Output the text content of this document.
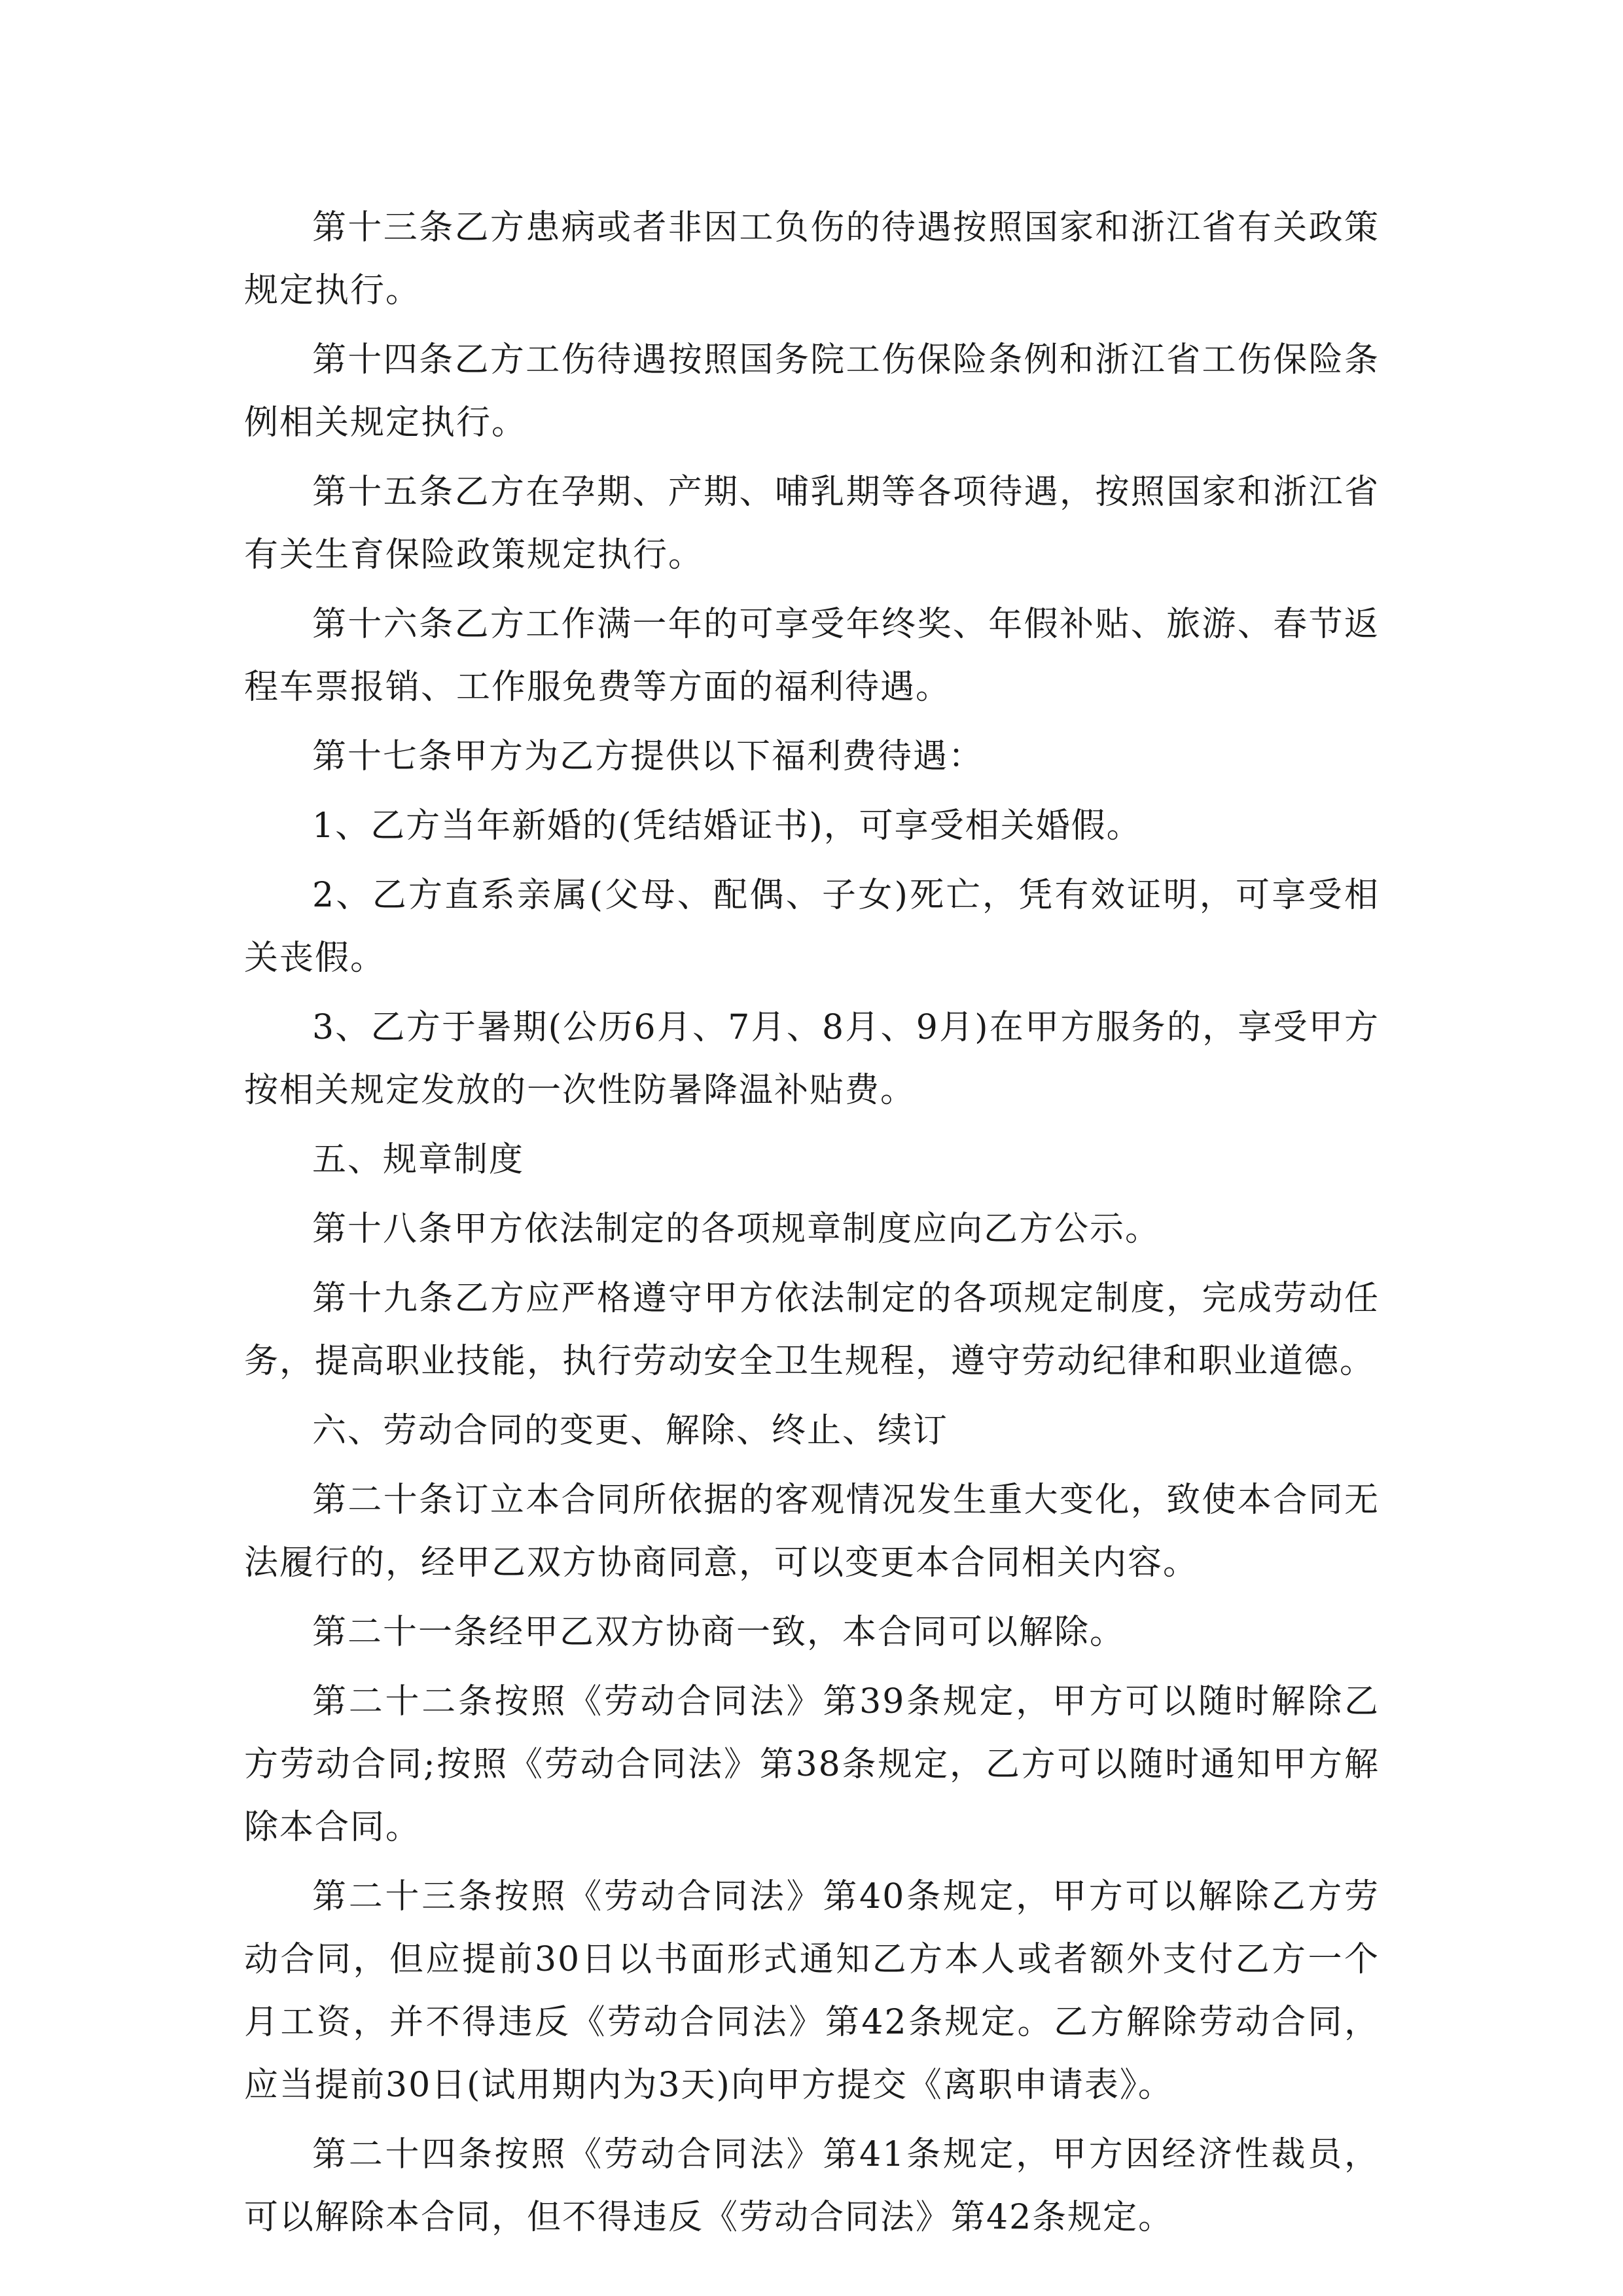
第十三条乙方患病或者非因工负伤的待遇按照国家和浙江省有关政策规定执行。

第十四条乙方工伤待遇按照国务院工伤保险条例和浙江省工伤保险条例相关规定执行。

第十五条乙方在孕期、产期、哺乳期等各项待遇，按照国家和浙江省有关生育保险政策规定执行。

第十六条乙方工作满一年的可享受年终奖、年假补贴、旅游、春节返程车票报销、工作服免费等方面的福利待遇。

第十七条甲方为乙方提供以下福利费待遇：

1、乙方当年新婚的(凭结婚证书)，可享受相关婚假。

2、乙方直系亲属(父母、配偶、子女)死亡，凭有效证明，可享受相关丧假。

3、乙方于暑期(公历6月、7月、8月、9月)在甲方服务的，享受甲方按相关规定发放的一次性防暑降温补贴费。

五、规章制度

第十八条甲方依法制定的各项规章制度应向乙方公示。

第十九条乙方应严格遵守甲方依法制定的各项规定制度，完成劳动任务，提高职业技能，执行劳动安全卫生规程，遵守劳动纪律和职业道德。

六、劳动合同的变更、解除、终止、续订

第二十条订立本合同所依据的客观情况发生重大变化，致使本合同无法履行的，经甲乙双方协商同意，可以变更本合同相关内容。

第二十一条经甲乙双方协商一致，本合同可以解除。

第二十二条按照《劳动合同法》第39条规定，甲方可以随时解除乙方劳动合同;按照《劳动合同法》第38条规定，乙方可以随时通知甲方解除本合同。

第二十三条按照《劳动合同法》第40条规定，甲方可以解除乙方劳动合同，但应提前30日以书面形式通知乙方本人或者额外支付乙方一个月工资，并不得违反《劳动合同法》第42条规定。乙方解除劳动合同，应当提前30日(试用期内为3天)向甲方提交《离职申请表》。

第二十四条按照《劳动合同法》第41条规定，甲方因经济性裁员，可以解除本合同，但不得违反《劳动合同法》第42条规定。
